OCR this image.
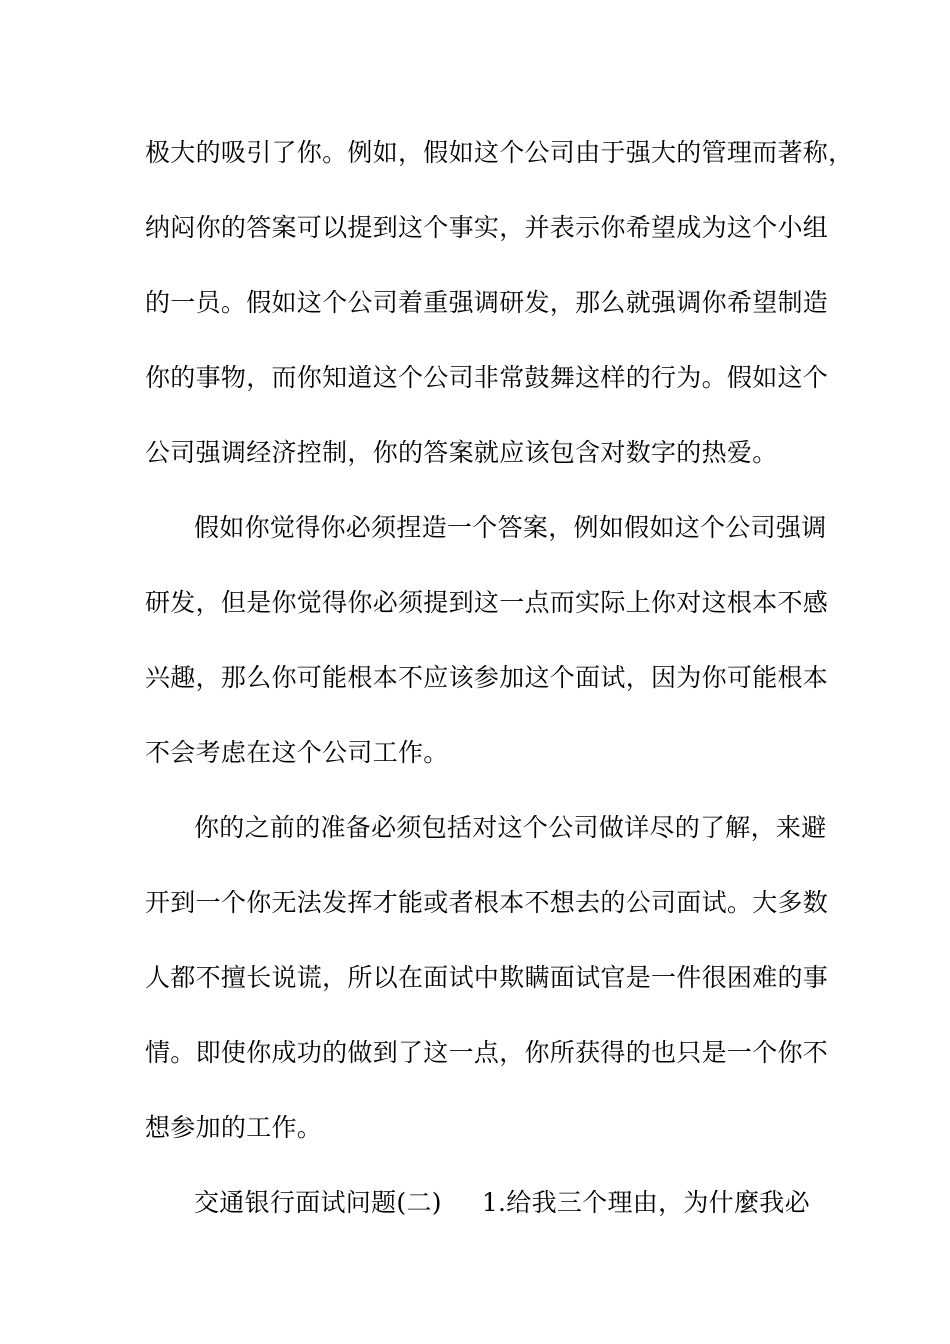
极大的吸引了你。例如，假如这个公司由于强大的管理而著称，
纳闷你的答案可以提到这个事实，并表示你希望成为这个小组
的一员。假如这个公司着重强调研发，那么就强调你希望制造
你的事物，而你知道这个公司非常鼓舞这样的行为。假如这个
公司强调经济控制，你的答案就应该包含对数字的热爱。
假如你觉得你必须捏造一个答案，例如假如这个公司强调
研发，但是你觉得你必须提到这一点而实际上你对这根本不感
兴趣，那么你可能根本不应该参加这个面试，因为你可能根本
不会考虑在这个公司工作。
你的之前的准备必须包括对这个公司做详尽的了解，来避
开到一个你无法发挥才能或者根本不想去的公司面试。大多数
人都不擅长说谎，所以在面试中欺瞒面试官是一件很困难的事
情。即使你成功的做到了这一点，你所获得的也只是一个你不
想参加的工作。
交通银行面试问题(二) 1.给我三个理由，为什麼我必
